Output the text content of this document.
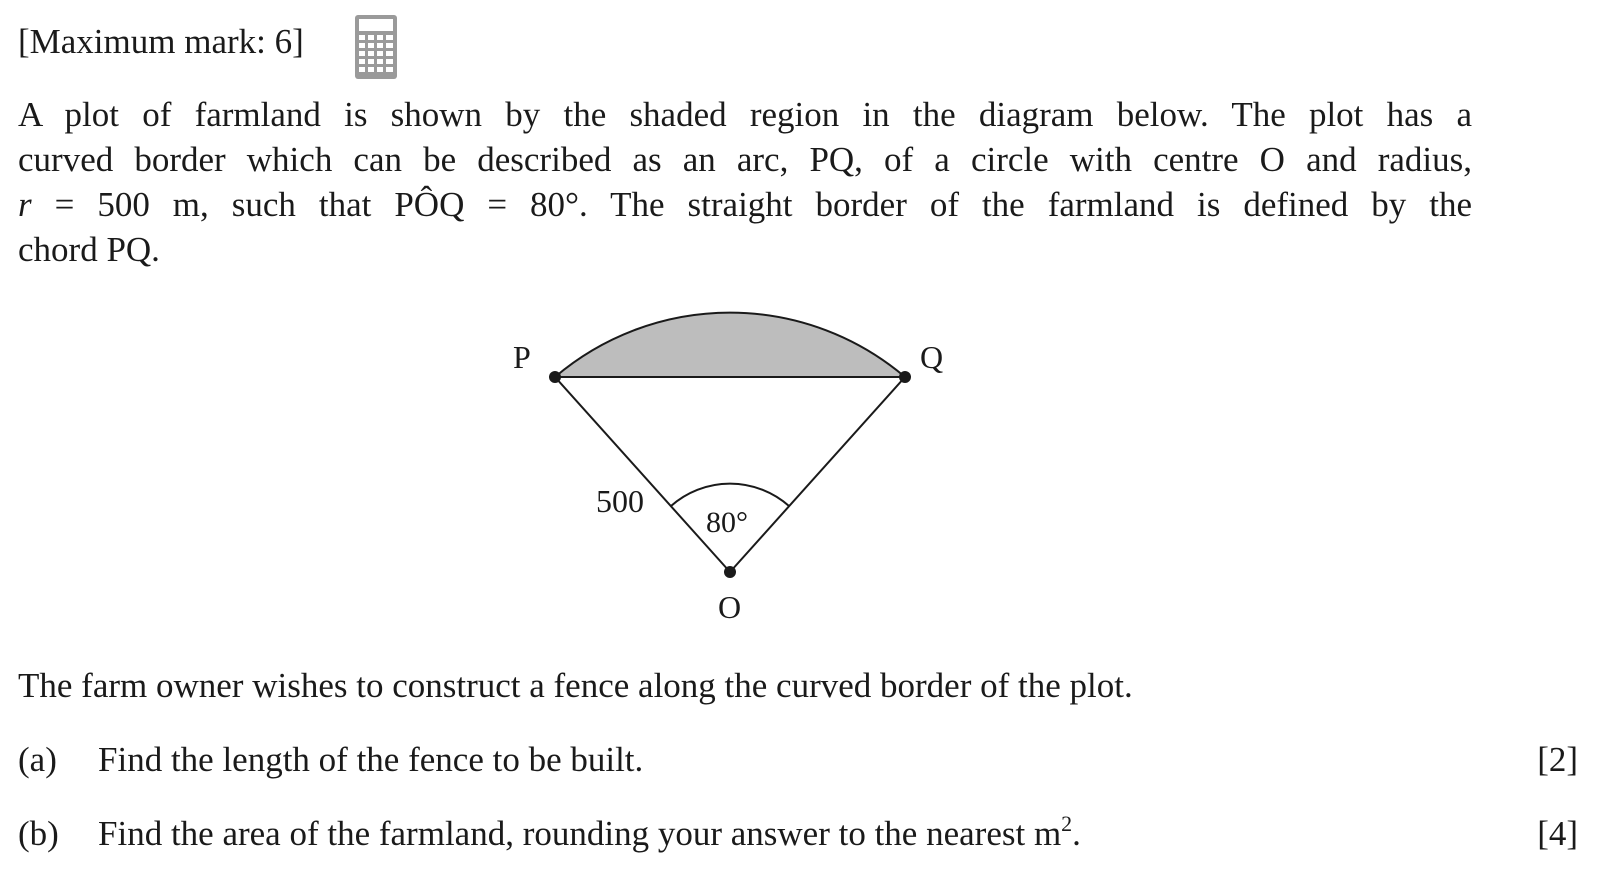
[Maximum mark: 6]

A plot of farmland is shown by the shaded region in the diagram below. The plot has a
curved border which can be described as an arc, PQ, of a circle with centre O and radius,
r = 500 m, such that PÔQ = 80°. The straight border of the farmland is defined by the
chord PQ.

P	Q
O
500
80°

The farm owner wishes to construct a fence along the curved border of the plot.

(a) Find the length of the fence to be built.	[2]
(b) Find the area of the farmland, rounding your answer to the nearest $m^2$.	[4]
